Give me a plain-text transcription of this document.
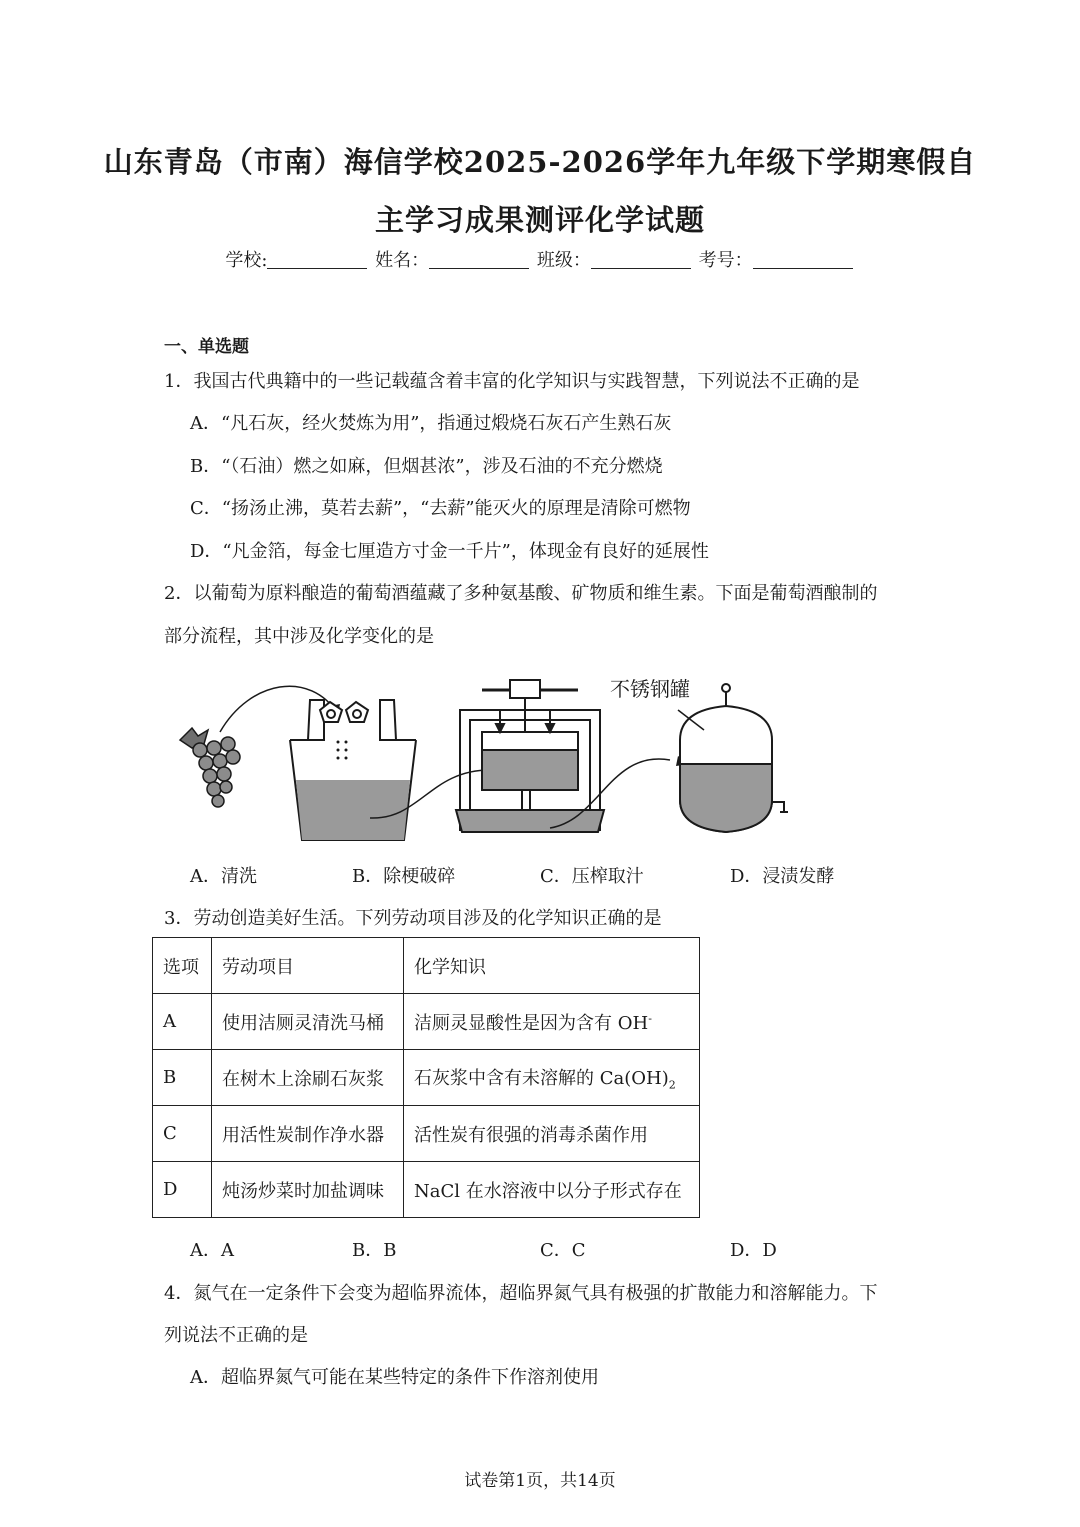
山东青岛（市南）海信学校2025-2026学年九年级下学期寒假自
主学习成果测评化学试题
学校:	姓名：	班级：	考号：
一、单选题
1．我国古代典籍中的一些记载蕴含着丰富的化学知识与实践智慧，下列说法不正确的是
A．“凡石灰，经火焚炼为用”，指通过煅烧石灰石产生熟石灰
B．“（石油）燃之如麻，但烟甚浓”，涉及石油的不充分燃烧
C．“扬汤止沸，莫若去薪”，“去薪”能灭火的原理是清除可燃物
D．“凡金箔，每金七厘造方寸金一千片”，体现金有良好的延展性
2．以葡萄为原料酿造的葡萄酒蕴藏了多种氨基酸、矿物质和维生素。下面是葡萄酒酿制的
部分流程，其中涉及化学变化的是
不锈钢罐
A．清洗	B．除梗破碎	C．压榨取汁	D．浸渍发酵
3．劳动创造美好生活。下列劳动项目涉及的化学知识正确的是
选项	劳动项目	化学知识
A	使用洁厕灵清洗马桶	洁厕灵显酸性是因为含有 OH-
B	在树木上涂刷石灰浆	石灰浆中含有未溶解的 $Ca(OH)_2$
C	用活性炭制作净水器	活性炭有很强的消毒杀菌作用
D	炖汤炒菜时加盐调味	NaCl 在水溶液中以分子形式存在
A．A	B．B	C．C	D．D
4．氮气在一定条件下会变为超临界流体，超临界氮气具有极强的扩散能力和溶解能力。下
列说法不正确的是
A．超临界氮气可能在某些特定的条件下作溶剂使用
试卷第1页，共14页
